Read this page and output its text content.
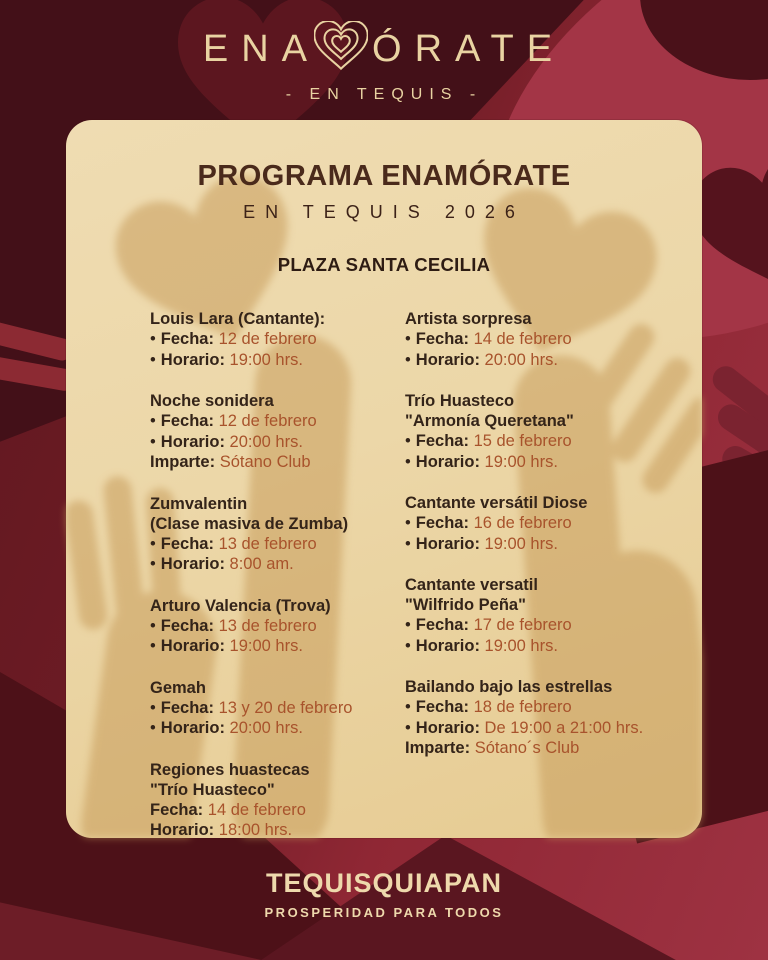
ENA ÓRATE
- EN TEQUIS -
PROGRAMA ENAMÓRATE
EN TEQUIS 2026
PLAZA SANTA CECILIA
Louis Lara (Cantante):
• Fecha: 12 de febrero
• Horario: 19:00 hrs.
Noche sonidera
• Fecha: 12 de febrero
• Horario: 20:00 hrs.
Imparte: Sótano Club
Zumvalentin
(Clase masiva de Zumba)
• Fecha: 13 de febrero
• Horario: 8:00 am.
Arturo Valencia (Trova)
• Fecha: 13 de febrero
• Horario: 19:00 hrs.
Gemah
• Fecha: 13 y 20 de febrero
• Horario: 20:00 hrs.
Regiones huastecas
"Trío Huasteco"
Fecha: 14 de febrero
Horario: 18:00 hrs.
Artista sorpresa
• Fecha: 14 de febrero
• Horario: 20:00 hrs.
Trío Huasteco
"Armonía Queretana"
• Fecha: 15 de febrero
• Horario: 19:00 hrs.
Cantante versátil Diose
• Fecha: 16 de febrero
• Horario: 19:00 hrs.
Cantante versatil
"Wilfrido Peña"
• Fecha: 17 de febrero
• Horario: 19:00 hrs.
Bailando bajo las estrellas
• Fecha: 18 de febrero
• Horario: De 19:00 a 21:00 hrs.
Imparte: Sótano´s Club
TEQUISQUIAPAN
PROSPERIDAD PARA TODOS
